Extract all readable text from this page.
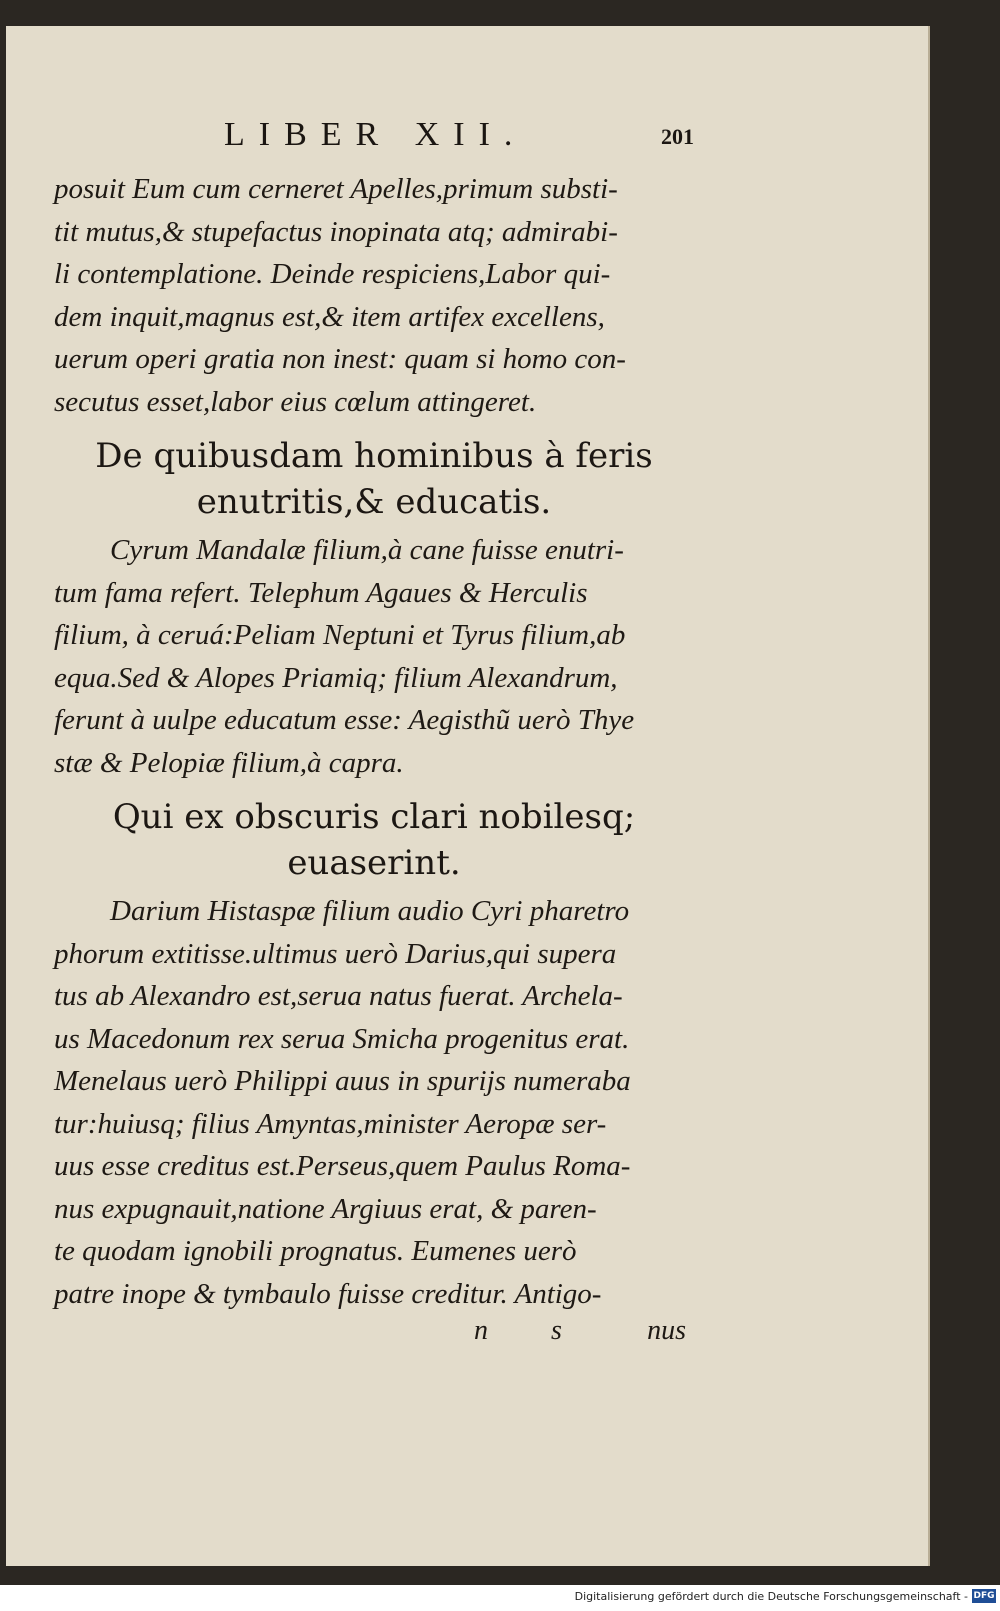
LIBER XII.	201

posuit Eum cum cerneret Apelles,primum substi-
tit mutus,& stupefactus inopinata atq; admirabi-
li contemplatione. Deinde respiciens,Labor qui-
dem inquit,magnus est,& item artifex excellens,
uerum operi gratia non inest: quam si homo con-
secutus esset,labor eius cœlum attingeret.

De quibusdam hominibus à feris
enutritis,& educatis.

Cyrum Mandalæ filium,à cane fuisse enutri-
tum fama refert. Telephum Agaues & Herculis
filium, à ceruá:Peliam Neptuni et Tyrus filium,ab
equa.Sed & Alopes Priamiq; filium Alexandrum,
ferunt à uulpe educatum esse: Aegisthũ uerò Thye
stæ & Pelopiæ filium,à capra.

Qui ex obscuris clari nobilesq;
euaserint.

Darium Histaspæ filium audio Cyri pharetro
phorum extitisse.ultimus uerò Darius,qui supera
tus ab Alexandro est,serua natus fuerat. Archela-
us Macedonum rex serua Smicha progenitus erat.
Menelaus uerò Philippi auus in spurijs numeraba
tur:huiusq; filius Amyntas,minister Aeropæ ser-
uus esse creditus est.Perseus,quem Paulus Roma-
nus expugnauit,natione Argiuus erat, & paren-
te quodam ignobili prognatus. Eumenes uerò
patre inope & tymbaulo fuisse creditur. Antigo-

n s nus
Digitalisierung gefördert durch die Deutsche Forschungsgemeinschaft - DFG
